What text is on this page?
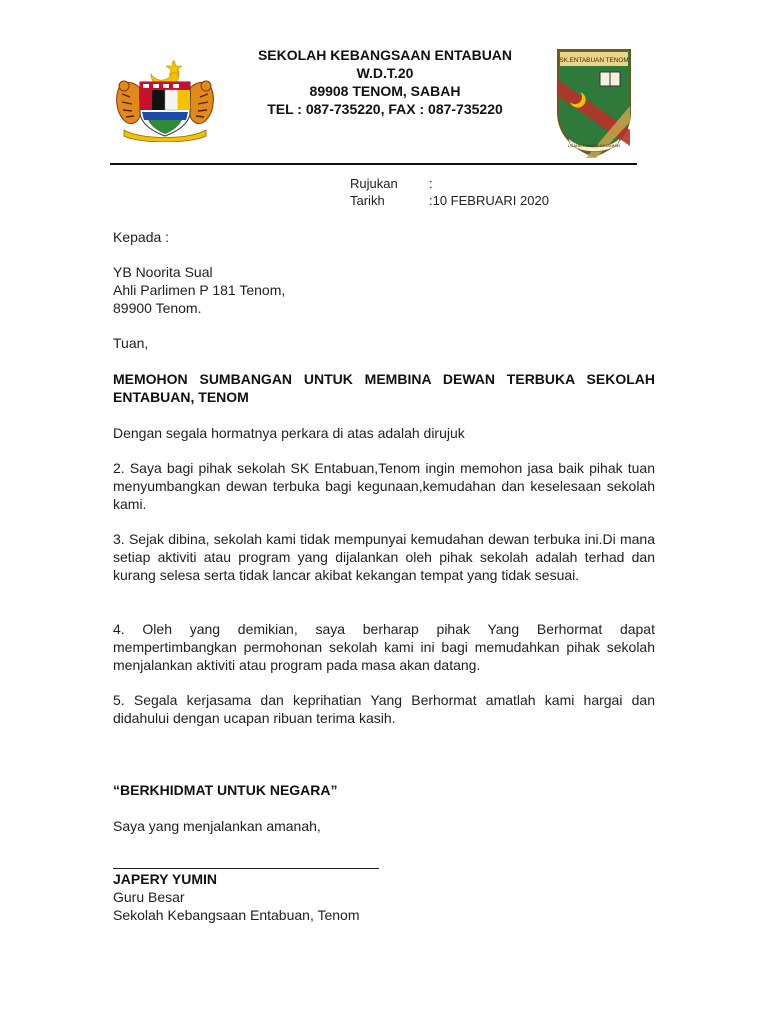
SEKOLAH KEBANGSAAN ENTABUAN
W.D.T.20
89908 TENOM, SABAH
TEL : 087-735220, FAX : 087-735220
SK.ENTABUAN TENOM
USAHA TANGGA KEJAYAAN
Rujukan	:
Tarikh	:10 FEBRUARI 2020
Kepada :
YB Noorita Sual
Ahli Parlimen P 181 Tenom,
89900 Tenom.
Tuan,
MEMOHON SUMBANGAN UNTUK MEMBINA DEWAN TERBUKA SEKOLAH ENTABUAN, TENOM
Dengan segala hormatnya perkara di atas adalah dirujuk
2. Saya bagi pihak sekolah SK Entabuan,Tenom ingin memohon jasa baik pihak tuan menyumbangkan dewan terbuka bagi kegunaan,kemudahan dan keselesaan sekolah kami.
3. Sejak dibina, sekolah kami tidak mempunyai kemudahan dewan terbuka ini.Di mana setiap aktiviti atau program yang dijalankan oleh pihak sekolah adalah terhad dan kurang selesa serta tidak lancar akibat kekangan tempat yang tidak sesuai.
4. Oleh yang demikian, saya berharap pihak Yang Berhormat dapat mempertimbangkan permohonan sekolah kami ini bagi memudahkan pihak sekolah menjalankan aktiviti atau program pada masa akan datang.
5. Segala kerjasama dan keprihatian Yang Berhormat amatlah kami hargai dan didahului dengan ucapan ribuan terima kasih.
“BERKHIDMAT UNTUK NEGARA”
Saya yang menjalankan amanah,
JAPERY YUMIN
Guru Besar
Sekolah Kebangsaan Entabuan, Tenom
